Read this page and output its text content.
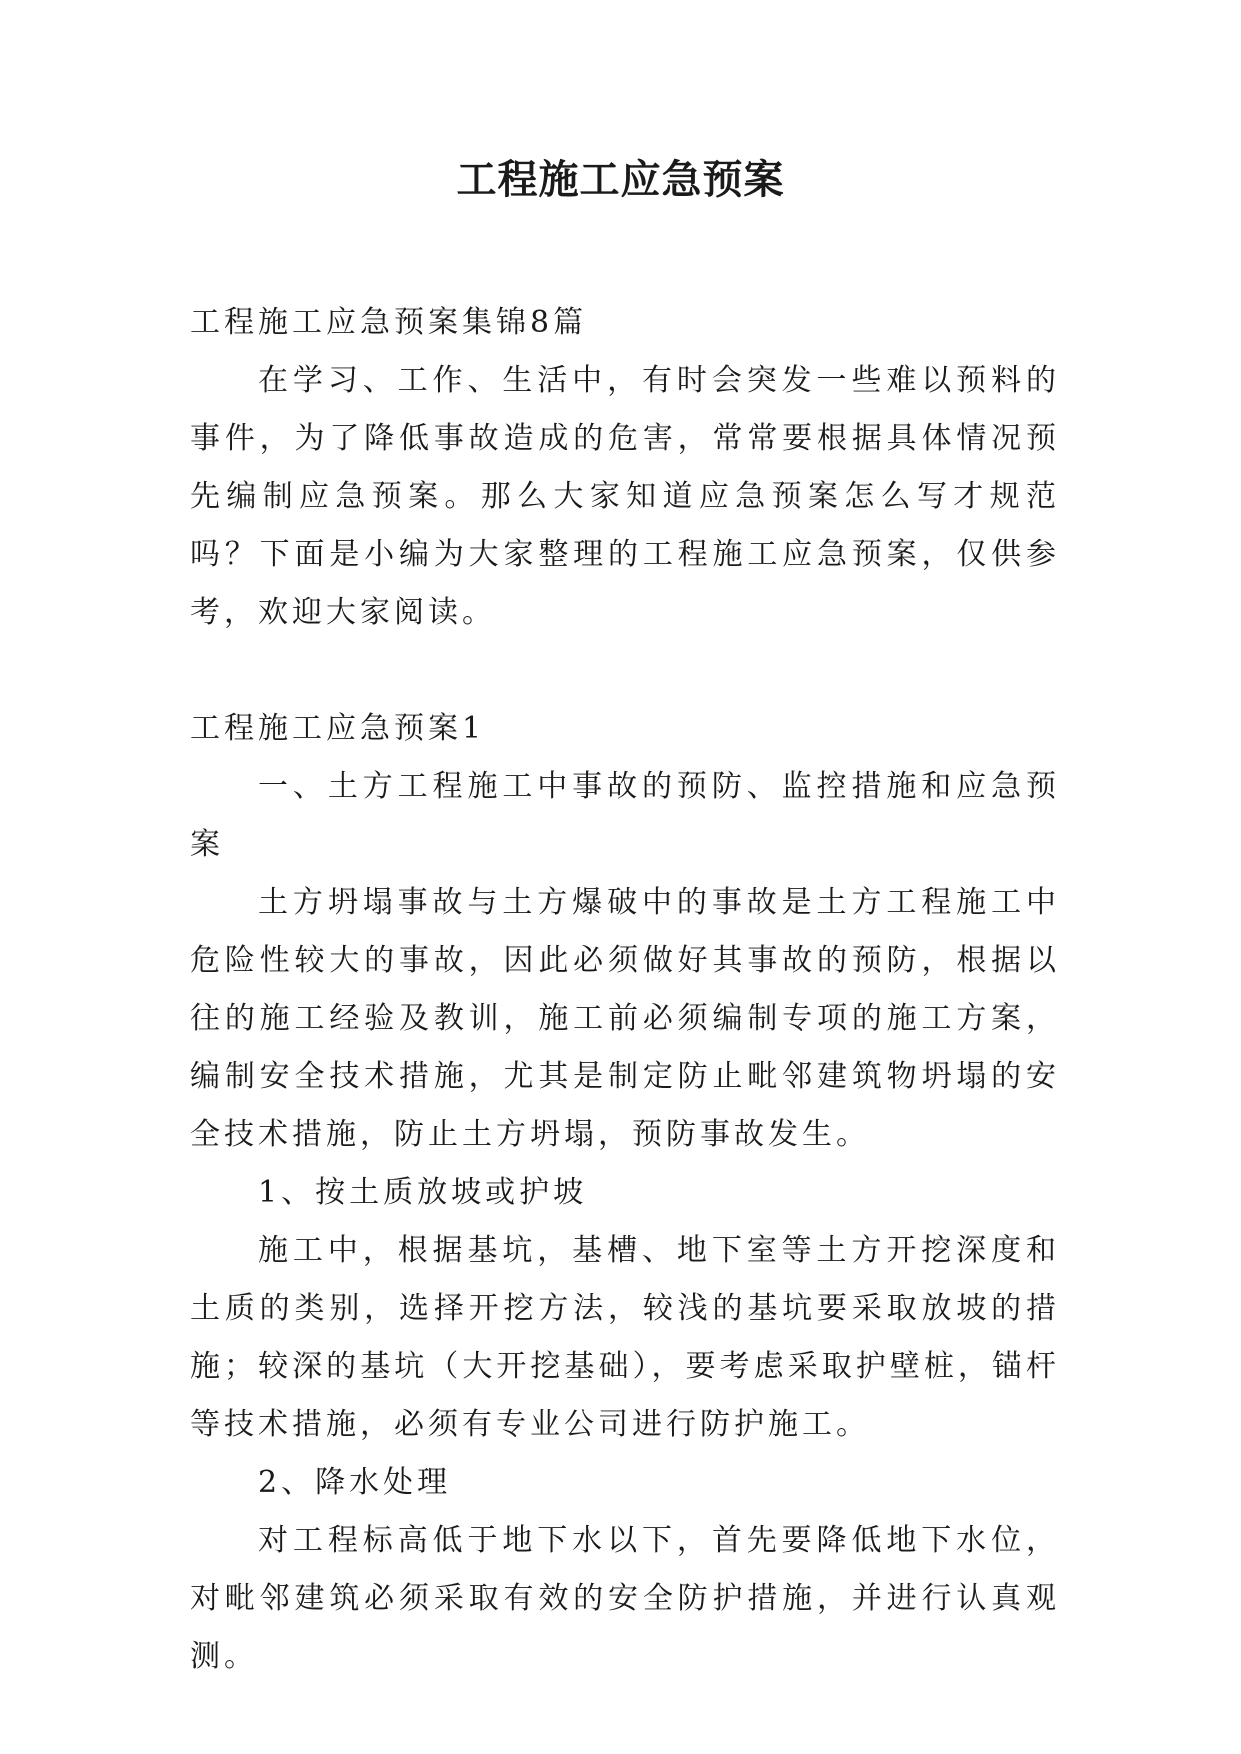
工程施工应急预案

工程施工应急预案集锦8篇

在学习、工作、生活中，有时会突发一些难以预料的事件，为了降低事故造成的危害，常常要根据具体情况预先编制应急预案。那么大家知道应急预案怎么写才规范吗？下面是小编为大家整理的工程施工应急预案，仅供参考，欢迎大家阅读。

工程施工应急预案1

一、土方工程施工中事故的预防、监控措施和应急预案

土方坍塌事故与土方爆破中的事故是土方工程施工中危险性较大的事故，因此必须做好其事故的预防，根据以往的施工经验及教训，施工前必须编制专项的施工方案，编制安全技术措施，尤其是制定防止毗邻建筑物坍塌的安全技术措施，防止土方坍塌，预防事故发生。

1、按土质放坡或护坡

施工中，根据基坑，基槽、地下室等土方开挖深度和土质的类别，选择开挖方法，较浅的基坑要采取放坡的措施；较深的基坑（大开挖基础），要考虑采取护壁桩，锚杆等技术措施，必须有专业公司进行防护施工。

2、降水处理

对工程标高低于地下水以下，首先要降低地下水位，对毗邻建筑必须采取有效的安全防护措施，并进行认真观测。
